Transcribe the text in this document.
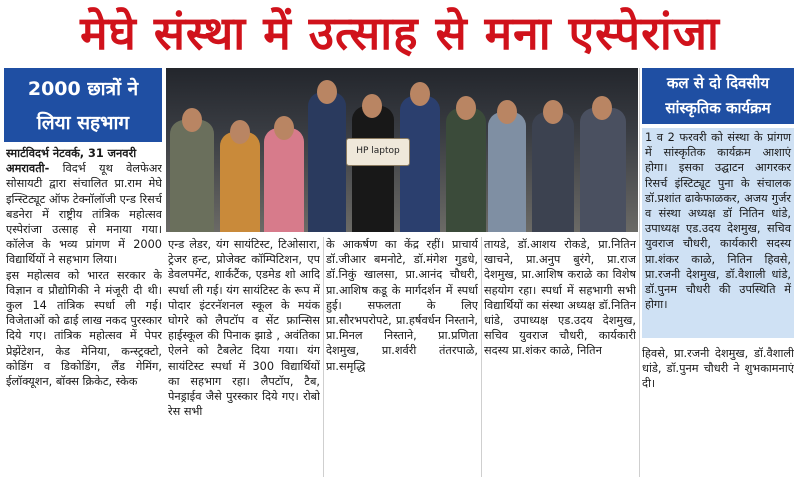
मेघे संस्था में उत्साह से मना एस्पेरांजा
2000 छात्रों ने
लिया सहभाग
HP laptop
कल से दो दिवसीय
सांस्कृतिक कार्यक्रम

स्मार्टविदर्भ नेटवर्क, 31 जनवरी

अमरावती- विदर्भ यूथ वेलफेअर सोसायटी द्वारा संचालित प्रा.राम मेघे इन्स्टिट्यूट ऑफ टेक्नॉलॉजी एन्ड रिसर्च बडनेरा में राष्ट्रीय तांत्रिक महोत्सव एस्पेरांजा उत्साह से मनाया गया। कॉलेज के भव्य प्रांगण में 2000 विद्यार्थियों ने सहभाग लिया।

इस महोत्सव को भारत सरकार के विज्ञान व प्रौद्योगिकी ने मंजूरी दी थी। कुल 14 तांत्रिक स्पर्धा ली गई। विजेताओं को ढाई लाख नकद पुरस्कार दिये गए। तांत्रिक महोत्सव में पेपर प्रेझेंटेशन, केड मेनिया, कन्स्ट्रक्टो, कोडिंग व डिकोडिंग, लैंड गेमिंग, ईलॉक्यूशन, बॉक्स क्रिकेट, स्केक

एन्ड लेडर, यंग सायंटिस्ट, टिओसारा, ट्रेजर हन्ट, प्रोजेक्ट कॉम्पिटिशन, एप डेवलपमेंट, शार्कटैंक, एडमेड शो आदि स्पर्धा ली गई। यंग सायंटिस्ट के रूप में पोदार इंटरनॅशनल स्कूल के मयंक घोगरे को लैपटॉप व सेंट फ्रान्सिस हाईस्कूल की पिनाक झाडे , अवंतिका ऐलने को टैबलेट दिया गया। यंग सायंटिस्ट स्पर्धा में 300 विद्यार्थियों का सहभाग रहा। लैपटॉप, टैब, पेनड्राईव जैसे पुरस्कार दिये गए। रोबो रेस सभी
के आकर्षण का केंद्र रहीं। प्राचार्य डॉ.जीआर बमनोटे, डॉ.मंगेश गुडधे, डॉ.निकुं खालसा, प्रा.आनंद चौधरी, प्रा.आशिष कडू के मार्गदर्शन में स्पर्धा हुई। सफलता के लिए प्रा.सौरभपरोपटे, प्रा.हर्षवर्धन निस्ताने, प्रा.मिनल निस्ताने, प्रा.प्रणिता देशमुख, प्रा.शर्वरी तंतरपाळे, प्रा.समृद्धि
तायडे, डॉ.आशय रोकडे, प्रा.नितिन खाचने, प्रा.अनुप बुरंगे, प्रा.राज देशमुख, प्रा.आशिष कराळे का विशेष सहयोग रहा। स्पर्धा में सहभागी सभी विद्यार्थियों का संस्था अध्यक्ष डॉ.नितिन धांडे, उपाध्यक्ष एड.उदय देशमुख, सचिव युवराज चौधरी, कार्यकारी सदस्य प्रा.शंकर काळे, नितिन
1 व 2 फरवरी को संस्था के प्रांगण में सांस्कृतिक कार्यक्रम आशाएं होगा। इसका उद्घाटन आगरकर रिसर्च इंस्टिट्यूट पुना के संचालक डॉ.प्रशांत ढाकेफाळकर, अजय गुर्जर व संस्था अध्यक्ष डॉ नितिन धांडे, उपाध्यक्ष एड.उदय देशमुख, सचिव युवराज चौधरी, कार्यकारी सदस्य प्रा.शंकर काळे, नितिन हिवसे, प्रा.रजनी देशमुख, डॉ.वैशाली धांडे, डॉ.पुनम चौधरी की उपस्थिति में होगा।
हिवसे, प्रा.रजनी देशमुख, डॉ.वैशाली धांडे, डॉ.पुनम चौधरी ने शुभकामनाएं दी।
